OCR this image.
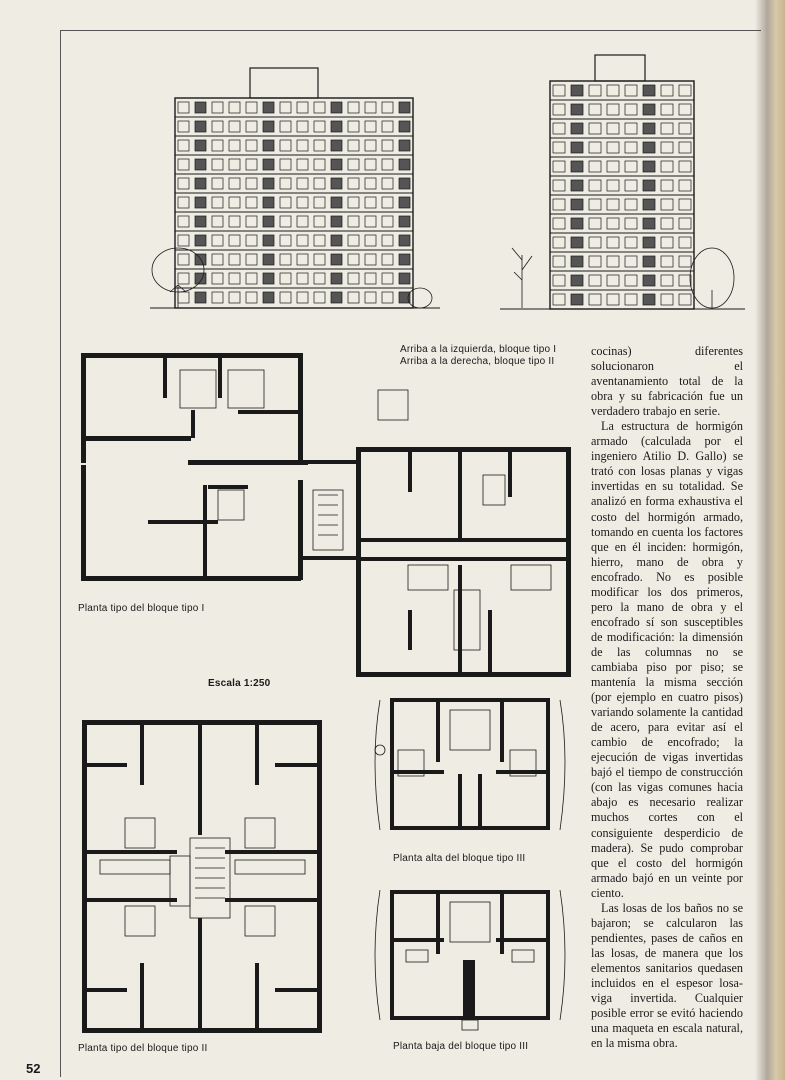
Arriba a la izquierda, bloque tipo I
Arriba a la derecha, bloque tipo II
Planta tipo del bloque tipo I
Escala 1:250
Planta tipo del bloque tipo II
Planta alta del bloque tipo III
Planta baja del bloque tipo III

cocinas) diferentes solucionaron el aventanamiento total de la obra y su fabricación fue un verdadero trabajo en serie.

La estructura de hormigón armado (calculada por el ingeniero Atilio D. Gallo) se trató con losas planas y vigas invertidas en su totalidad. Se analizó en forma exhaustiva el costo del hormigón armado, tomando en cuenta los factores que en él inciden: hormigón, hierro, mano de obra y encofrado. No es posible modificar los dos primeros, pero la mano de obra y el encofrado sí son susceptibles de modificación: la dimensión de las columnas no se cambiaba piso por piso; se mantenía la misma sección (por ejemplo en cuatro pisos) variando solamente la cantidad de acero, para evitar así el cambio de encofrado; la ejecución de vigas invertidas bajó el tiempo de construcción (con las vigas comunes hacia abajo es necesario realizar muchos cortes con el consiguiente desperdicio de madera). Se pudo comprobar que el costo del hormigón armado bajó en un veinte por ciento.

Las losas de los baños no se bajaron; se calcularon las pendientes, pases de caños en las losas, de manera que los elementos sanitarios quedasen incluidos en el espesor losa-viga invertida. Cualquier posible error se evitó haciendo una maqueta en escala natural, en la misma obra.

52
